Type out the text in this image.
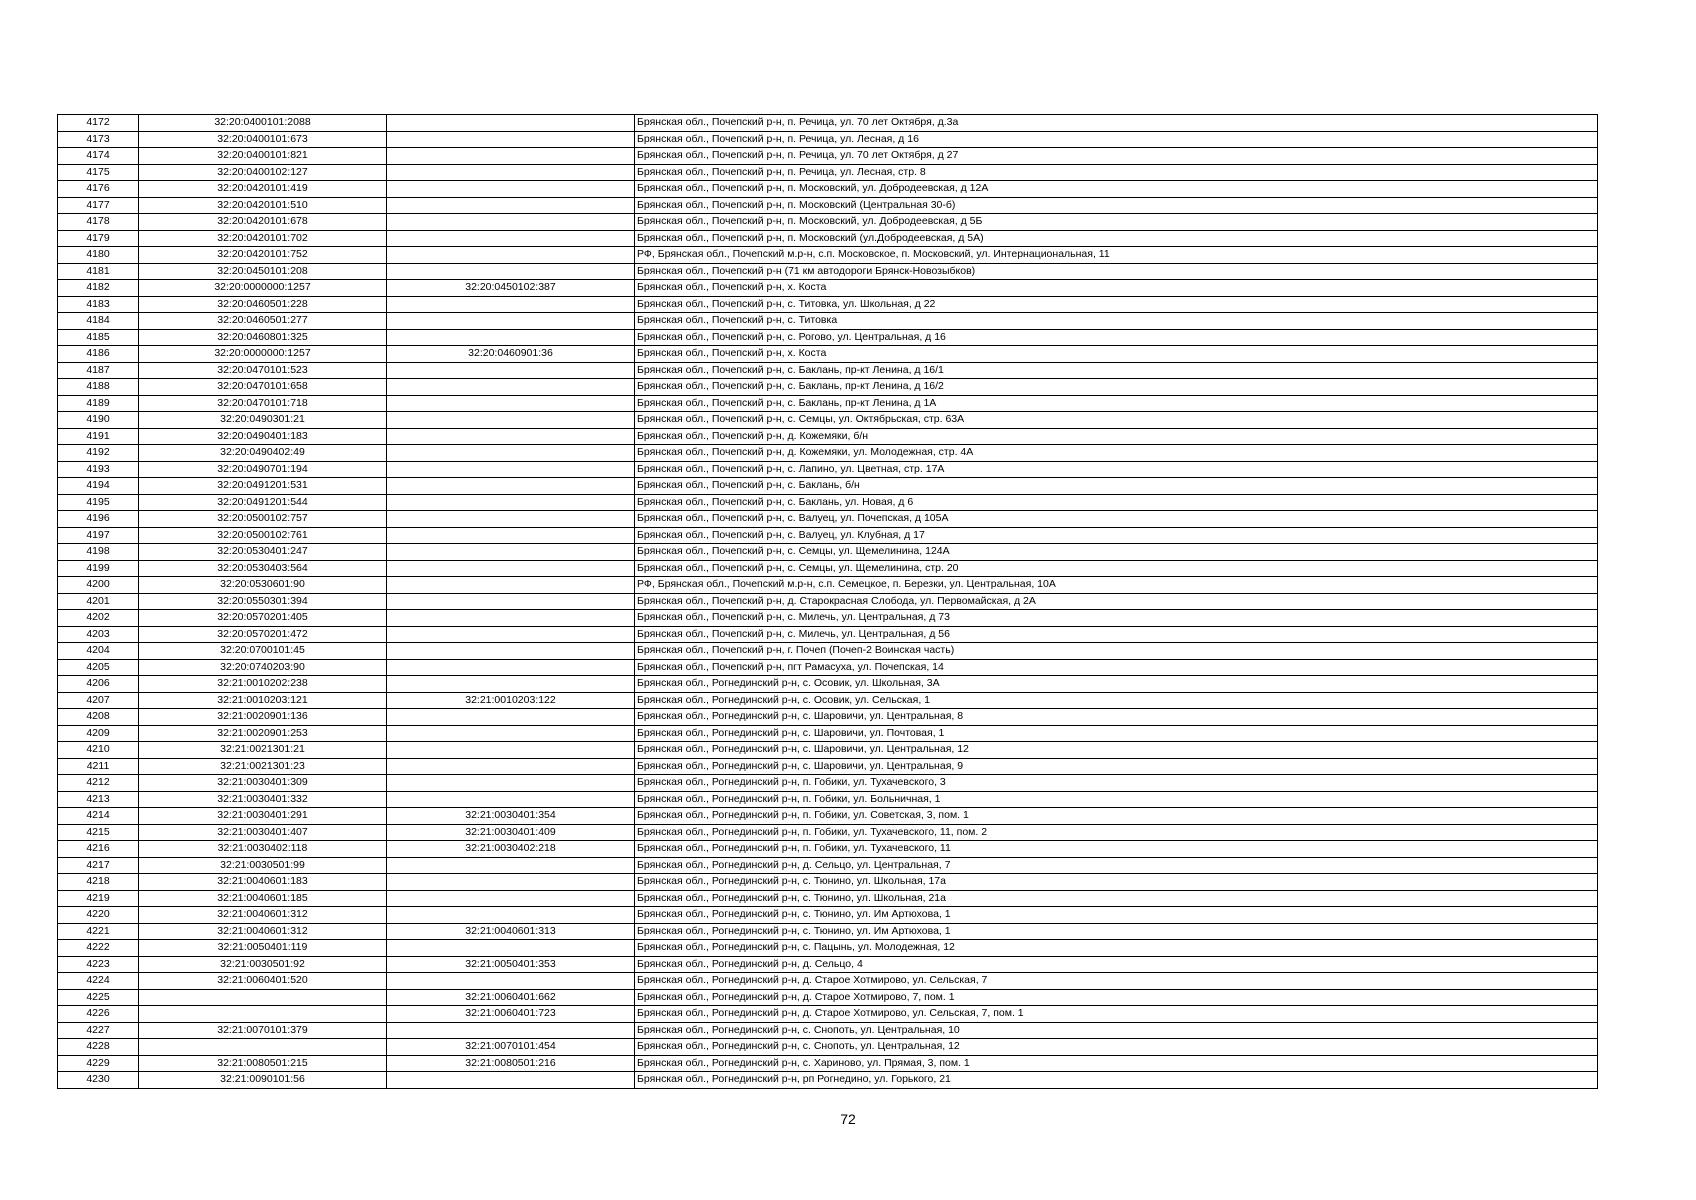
4172	32:20:0400101:2088		Брянская обл., Почепский р-н, п. Речица, ул. 70 лет Октября, д.3а
4173	32:20:0400101:673		Брянская обл., Почепский р-н, п. Речица, ул. Лесная, д 16
4174	32:20:0400101:821		Брянская обл., Почепский р-н, п. Речица, ул. 70 лет Октября, д 27
4175	32:20:0400102:127		Брянская обл., Почепский р-н, п. Речица, ул. Лесная, стр. 8
4176	32:20:0420101:419		Брянская обл., Почепский р-н, п. Московский, ул. Добродеевская, д 12А
4177	32:20:0420101:510		Брянская обл., Почепский р-н, п. Московский (Центральная 30-б)
4178	32:20:0420101:678		Брянская обл., Почепский р-н, п. Московский, ул. Добродеевская, д 5Б
4179	32:20:0420101:702		Брянская обл., Почепский р-н, п. Московский (ул.Добродеевская, д 5А)
4180	32:20:0420101:752		РФ, Брянская обл., Почепский м.р-н, с.п. Московское, п. Московский, ул. Интернациональная, 11
4181	32:20:0450101:208		Брянская обл., Почепский р-н (71 км автодороги Брянск-Новозыбков)
4182	32:20:0000000:1257	32:20:0450102:387	Брянская обл., Почепский р-н, х. Коста
4183	32:20:0460501:228		Брянская обл., Почепский р-н, с. Титовка, ул. Школьная, д 22
4184	32:20:0460501:277		Брянская обл., Почепский р-н, с. Титовка
4185	32:20:0460801:325		Брянская обл., Почепский р-н, с. Рогово, ул. Центральная, д 16
4186	32:20:0000000:1257	32:20:0460901:36	Брянская обл., Почепский р-н, х. Коста
4187	32:20:0470101:523		Брянская обл., Почепский р-н, с. Баклань, пр-кт Ленина, д 16/1
4188	32:20:0470101:658		Брянская обл., Почепский р-н, с. Баклань, пр-кт Ленина, д 16/2
4189	32:20:0470101:718		Брянская обл., Почепский р-н, с. Баклань, пр-кт Ленина, д 1А
4190	32:20:0490301:21		Брянская обл., Почепский р-н, с. Семцы, ул. Октябрьская, стр. 63А
4191	32:20:0490401:183		Брянская обл., Почепский р-н, д. Кожемяки, б/н
4192	32:20:0490402:49		Брянская обл., Почепский р-н, д. Кожемяки, ул. Молодежная, стр. 4А
4193	32:20:0490701:194		Брянская обл., Почепский р-н, с. Лапино, ул. Цветная, стр. 17А
4194	32:20:0491201:531		Брянская обл., Почепский р-н, с. Баклань, б/н
4195	32:20:0491201:544		Брянская обл., Почепский р-н, с. Баклань, ул. Новая, д 6
4196	32:20:0500102:757		Брянская обл., Почепский р-н, с. Валуец, ул. Почепская, д 105А
4197	32:20:0500102:761		Брянская обл., Почепский р-н, с. Валуец, ул. Клубная, д 17
4198	32:20:0530401:247		Брянская обл., Почепский р-н, с. Семцы, ул. Щемелинина, 124А
4199	32:20:0530403:564		Брянская обл., Почепский р-н, с. Семцы, ул. Щемелинина, стр. 20
4200	32:20:0530601:90		РФ, Брянская обл., Почепский м.р-н, с.п. Семецкое, п. Березки, ул. Центральная, 10А
4201	32:20:0550301:394		Брянская обл., Почепский р-н, д. Старокрасная Слобода, ул. Первомайская, д 2А
4202	32:20:0570201:405		Брянская обл., Почепский р-н, с. Милечь, ул. Центральная, д 73
4203	32:20:0570201:472		Брянская обл., Почепский р-н, с. Милечь, ул. Центральная, д 56
4204	32:20:0700101:45		Брянская обл., Почепский р-н, г. Почеп (Почеп-2 Воинская часть)
4205	32:20:0740203:90		Брянская обл., Почепский р-н, пгт Рамасуха, ул. Почепская, 14
4206	32:21:0010202:238		Брянская обл., Рогнединский р-н, с. Осовик, ул. Школьная, 3А
4207	32:21:0010203:121	32:21:0010203:122	Брянская обл., Рогнединский р-н, с. Осовик, ул. Сельская, 1
4208	32:21:0020901:136		Брянская обл., Рогнединский р-н, с. Шаровичи, ул. Центральная, 8
4209	32:21:0020901:253		Брянская обл., Рогнединский р-н, с. Шаровичи, ул. Почтовая, 1
4210	32:21:0021301:21		Брянская обл., Рогнединский р-н, с. Шаровичи, ул. Центральная, 12
4211	32:21:0021301:23		Брянская обл., Рогнединский р-н, с. Шаровичи, ул. Центральная, 9
4212	32:21:0030401:309		Брянская обл., Рогнединский р-н, п. Гобики, ул. Тухачевского, 3
4213	32:21:0030401:332		Брянская обл., Рогнединский р-н, п. Гобики, ул. Больничная, 1
4214	32:21:0030401:291	32:21:0030401:354	Брянская обл., Рогнединский р-н, п. Гобики, ул. Советская, 3, пом. 1
4215	32:21:0030401:407	32:21:0030401:409	Брянская обл., Рогнединский р-н, п. Гобики, ул. Тухачевского, 11, пом. 2
4216	32:21:0030402:118	32:21:0030402:218	Брянская обл., Рогнединский р-н, п. Гобики, ул. Тухачевского, 11
4217	32:21:0030501:99		Брянская обл., Рогнединский р-н, д. Сельцо, ул. Центральная, 7
4218	32:21:0040601:183		Брянская обл., Рогнединский р-н, с. Тюнино, ул. Школьная, 17а
4219	32:21:0040601:185		Брянская обл., Рогнединский р-н, с. Тюнино, ул. Школьная, 21а
4220	32:21:0040601:312		Брянская обл., Рогнединский р-н, с. Тюнино, ул. Им Артюхова, 1
4221	32:21:0040601:312	32:21:0040601:313	Брянская обл., Рогнединский р-н, с. Тюнино, ул. Им Артюхова, 1
4222	32:21:0050401:119		Брянская обл., Рогнединский р-н, с. Пацынь, ул. Молодежная, 12
4223	32:21:0030501:92	32:21:0050401:353	Брянская обл., Рогнединский р-н, д. Сельцо, 4
4224	32:21:0060401:520		Брянская обл., Рогнединский р-н, д. Старое Хотмирово, ул. Сельская, 7
4225		32:21:0060401:662	Брянская обл., Рогнединский р-н, д. Старое Хотмирово, 7, пом. 1
4226		32:21:0060401:723	Брянская обл., Рогнединский р-н, д. Старое Хотмирово, ул. Сельская, 7, пом. 1
4227	32:21:0070101:379		Брянская обл., Рогнединский р-н, с. Снопоть, ул. Центральная, 10
4228		32:21:0070101:454	Брянская обл., Рогнединский р-н, с. Снопоть, ул. Центральная, 12
4229	32:21:0080501:215	32:21:0080501:216	Брянская обл., Рогнединский р-н, с. Хариново, ул. Прямая, 3, пом. 1
4230	32:21:0090101:56		Брянская обл., Рогнединский р-н, рп Рогнедино, ул. Горького, 21
72
